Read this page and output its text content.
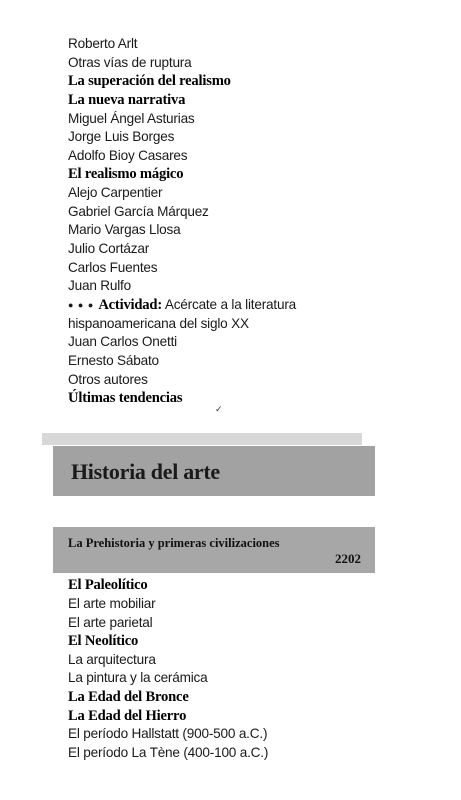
Roberto Arlt
Otras vías de ruptura
La superación del realismo
La nueva narrativa
Miguel Ángel Asturias
Jorge Luis Borges
Adolfo Bioy Casares
El realismo mágico
Alejo Carpentier
Gabriel García Márquez
Mario Vargas Llosa
Julio Cortázar
Carlos Fuentes
Juan Rulfo
● ● ● Actividad: Acércate a la literatura
hispanoamericana del siglo XX
Juan Carlos Onetti
Ernesto Sábato
Otros autores
Últimas tendencias
✓
Historia del arte
La Prehistoria y primeras civilizaciones
2202
El Paleolítico
El arte mobiliar
El arte parietal
El Neolítico
La arquitectura
La pintura y la cerámica
La Edad del Bronce
La Edad del Hierro
El período Hallstatt (900-500 a.C.)
El período La Tène (400-100 a.C.)
